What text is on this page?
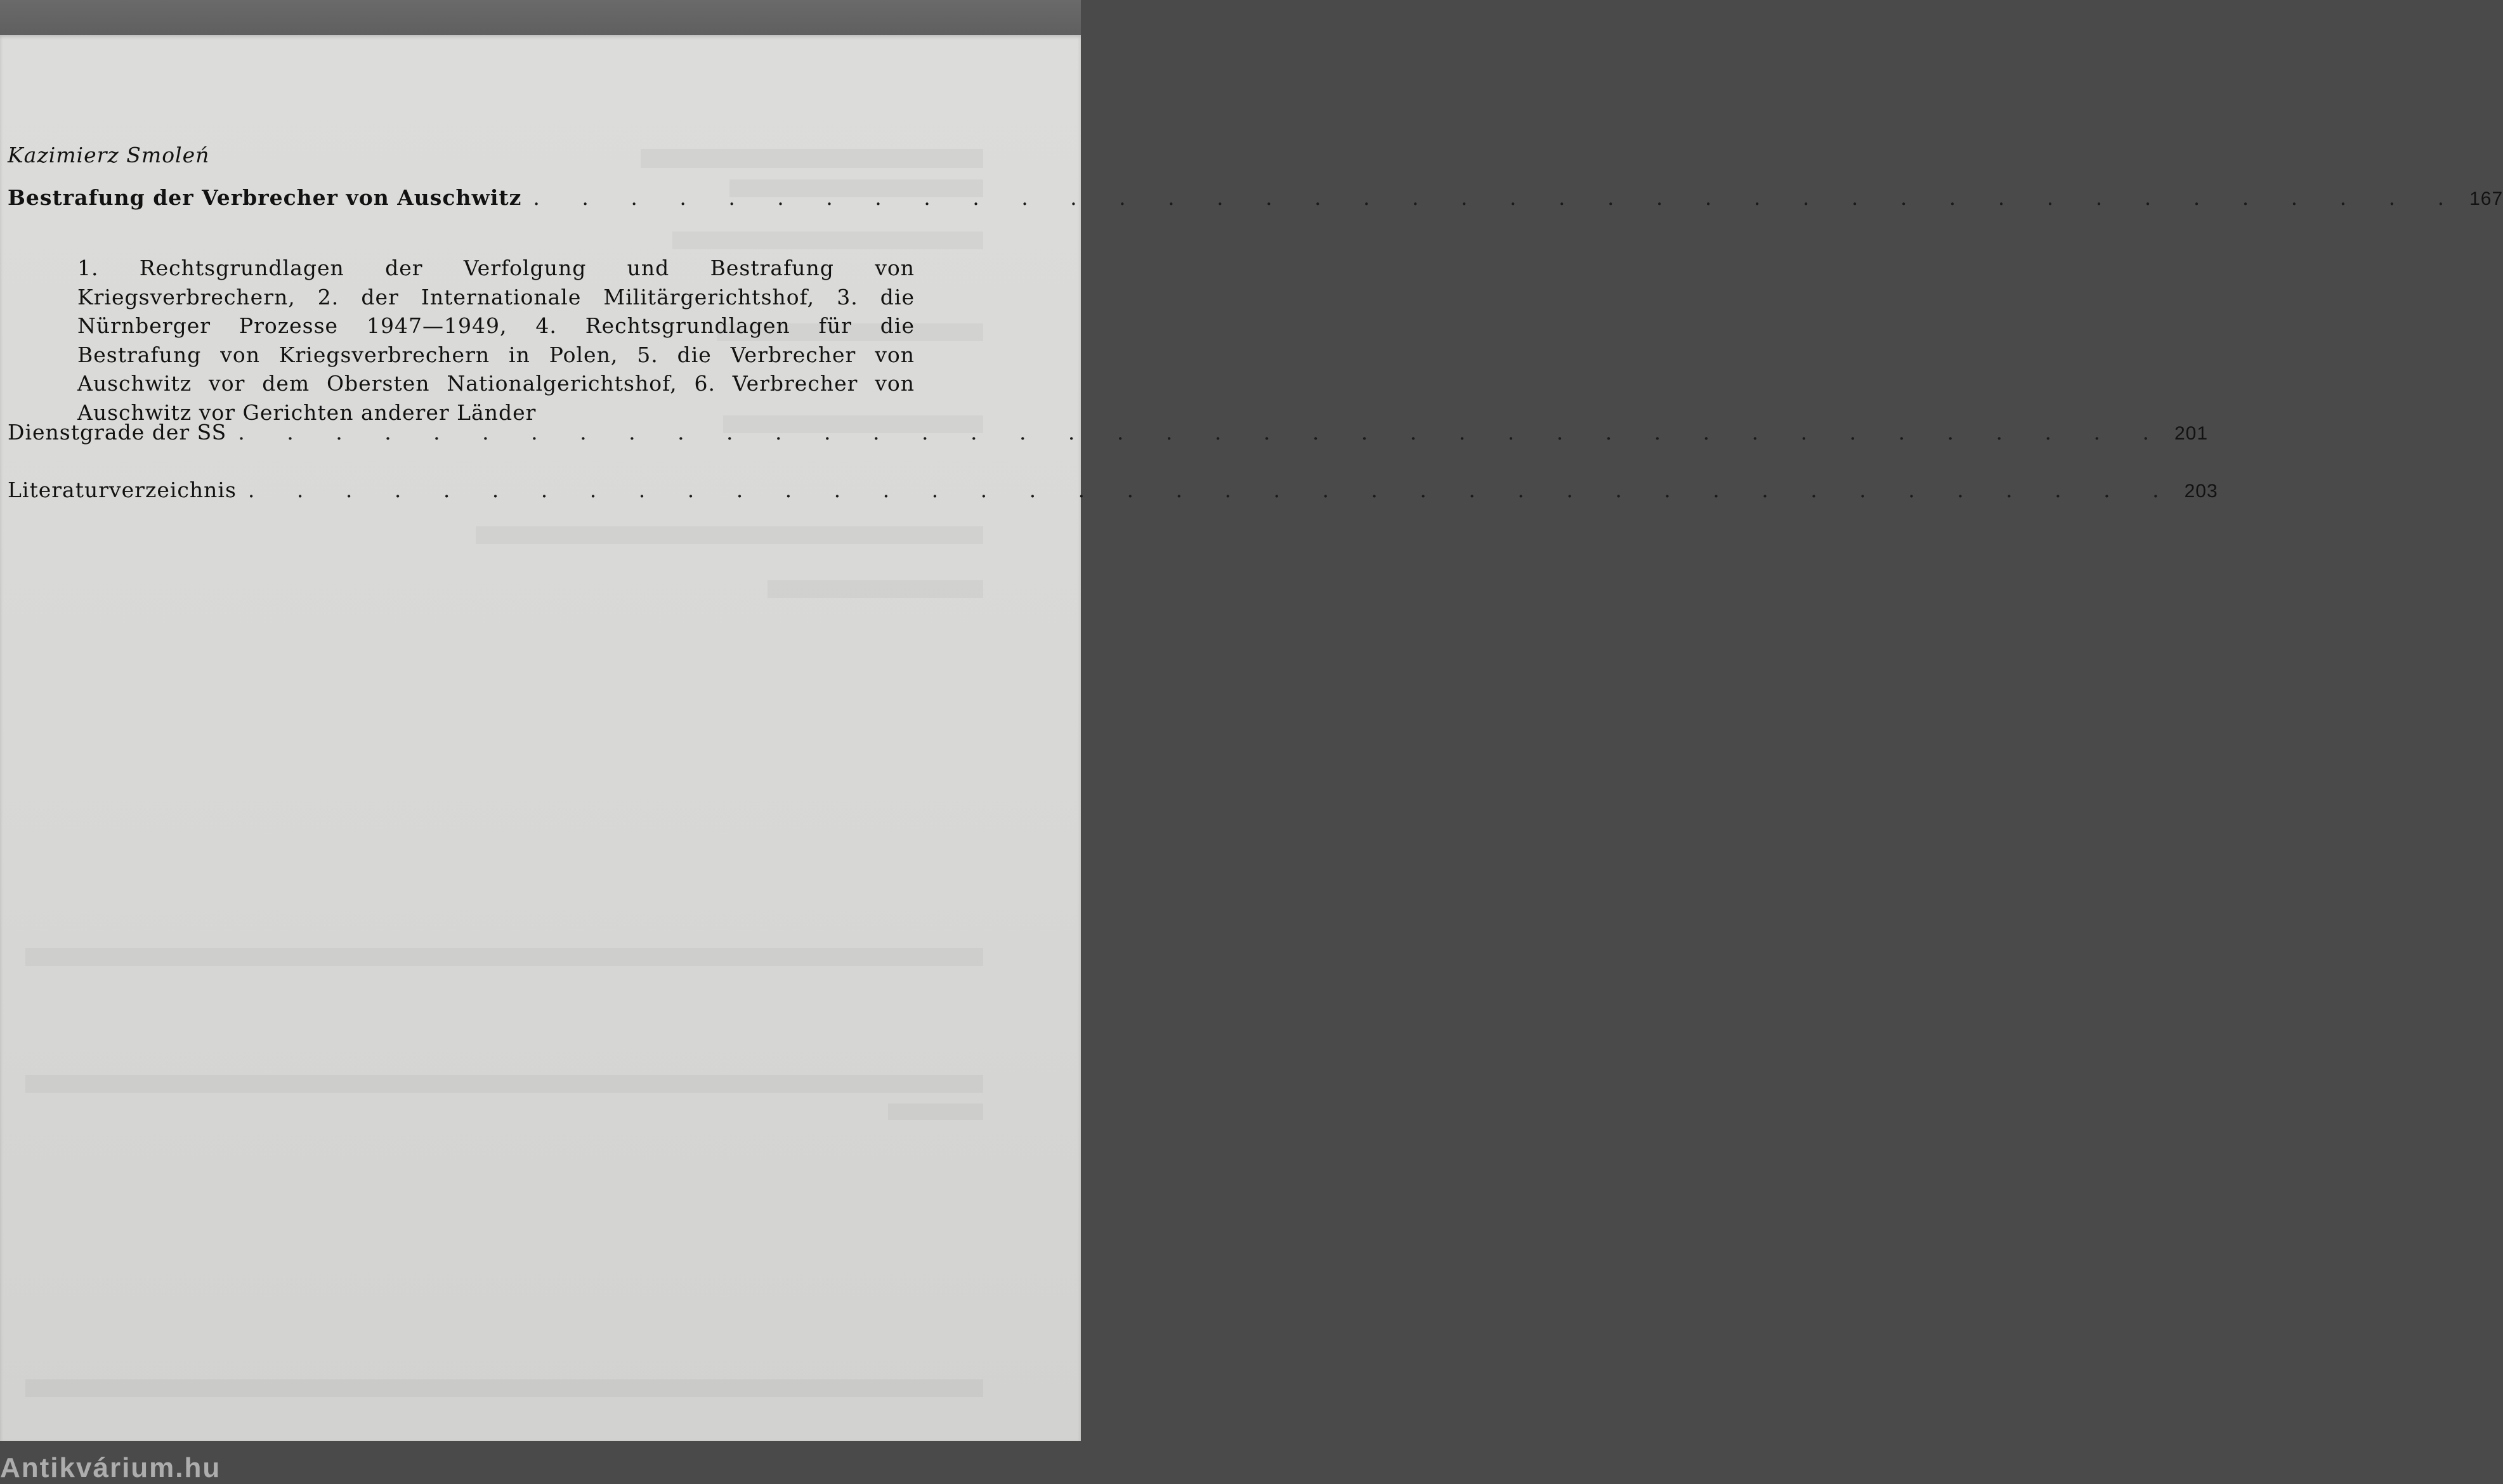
Kazimierz Smoleń
Bestrafung der Verbrecher von Auschwitz . . . . . . . . . . . . . . . . . . . . . . . . . . . . . . . . . . . . . . . . 167
1. Rechtsgrundlagen der Verfolgung und Bestrafung von Kriegsverbrechern, 2. der Internationale Militärgerichtshof, 3. die Nürnberger Prozesse 1947—1949, 4. Rechtsgrundlagen für die Bestrafung von Kriegsverbrechern in Polen, 5. die Verbrecher von Auschwitz vor dem Obersten Nationalgerichtshof, 6. Verbrecher von Auschwitz vor Gerichten anderer Länder
Dienstgrade der SS . . . . . . . . . . . . . . . . . . . . . . . . . . . . . . . . . . . . . . . . 201
Literaturverzeichnis . . . . . . . . . . . . . . . . . . . . . . . . . . . . . . . . . . . . . . . . 203
Antikvárium.hu
